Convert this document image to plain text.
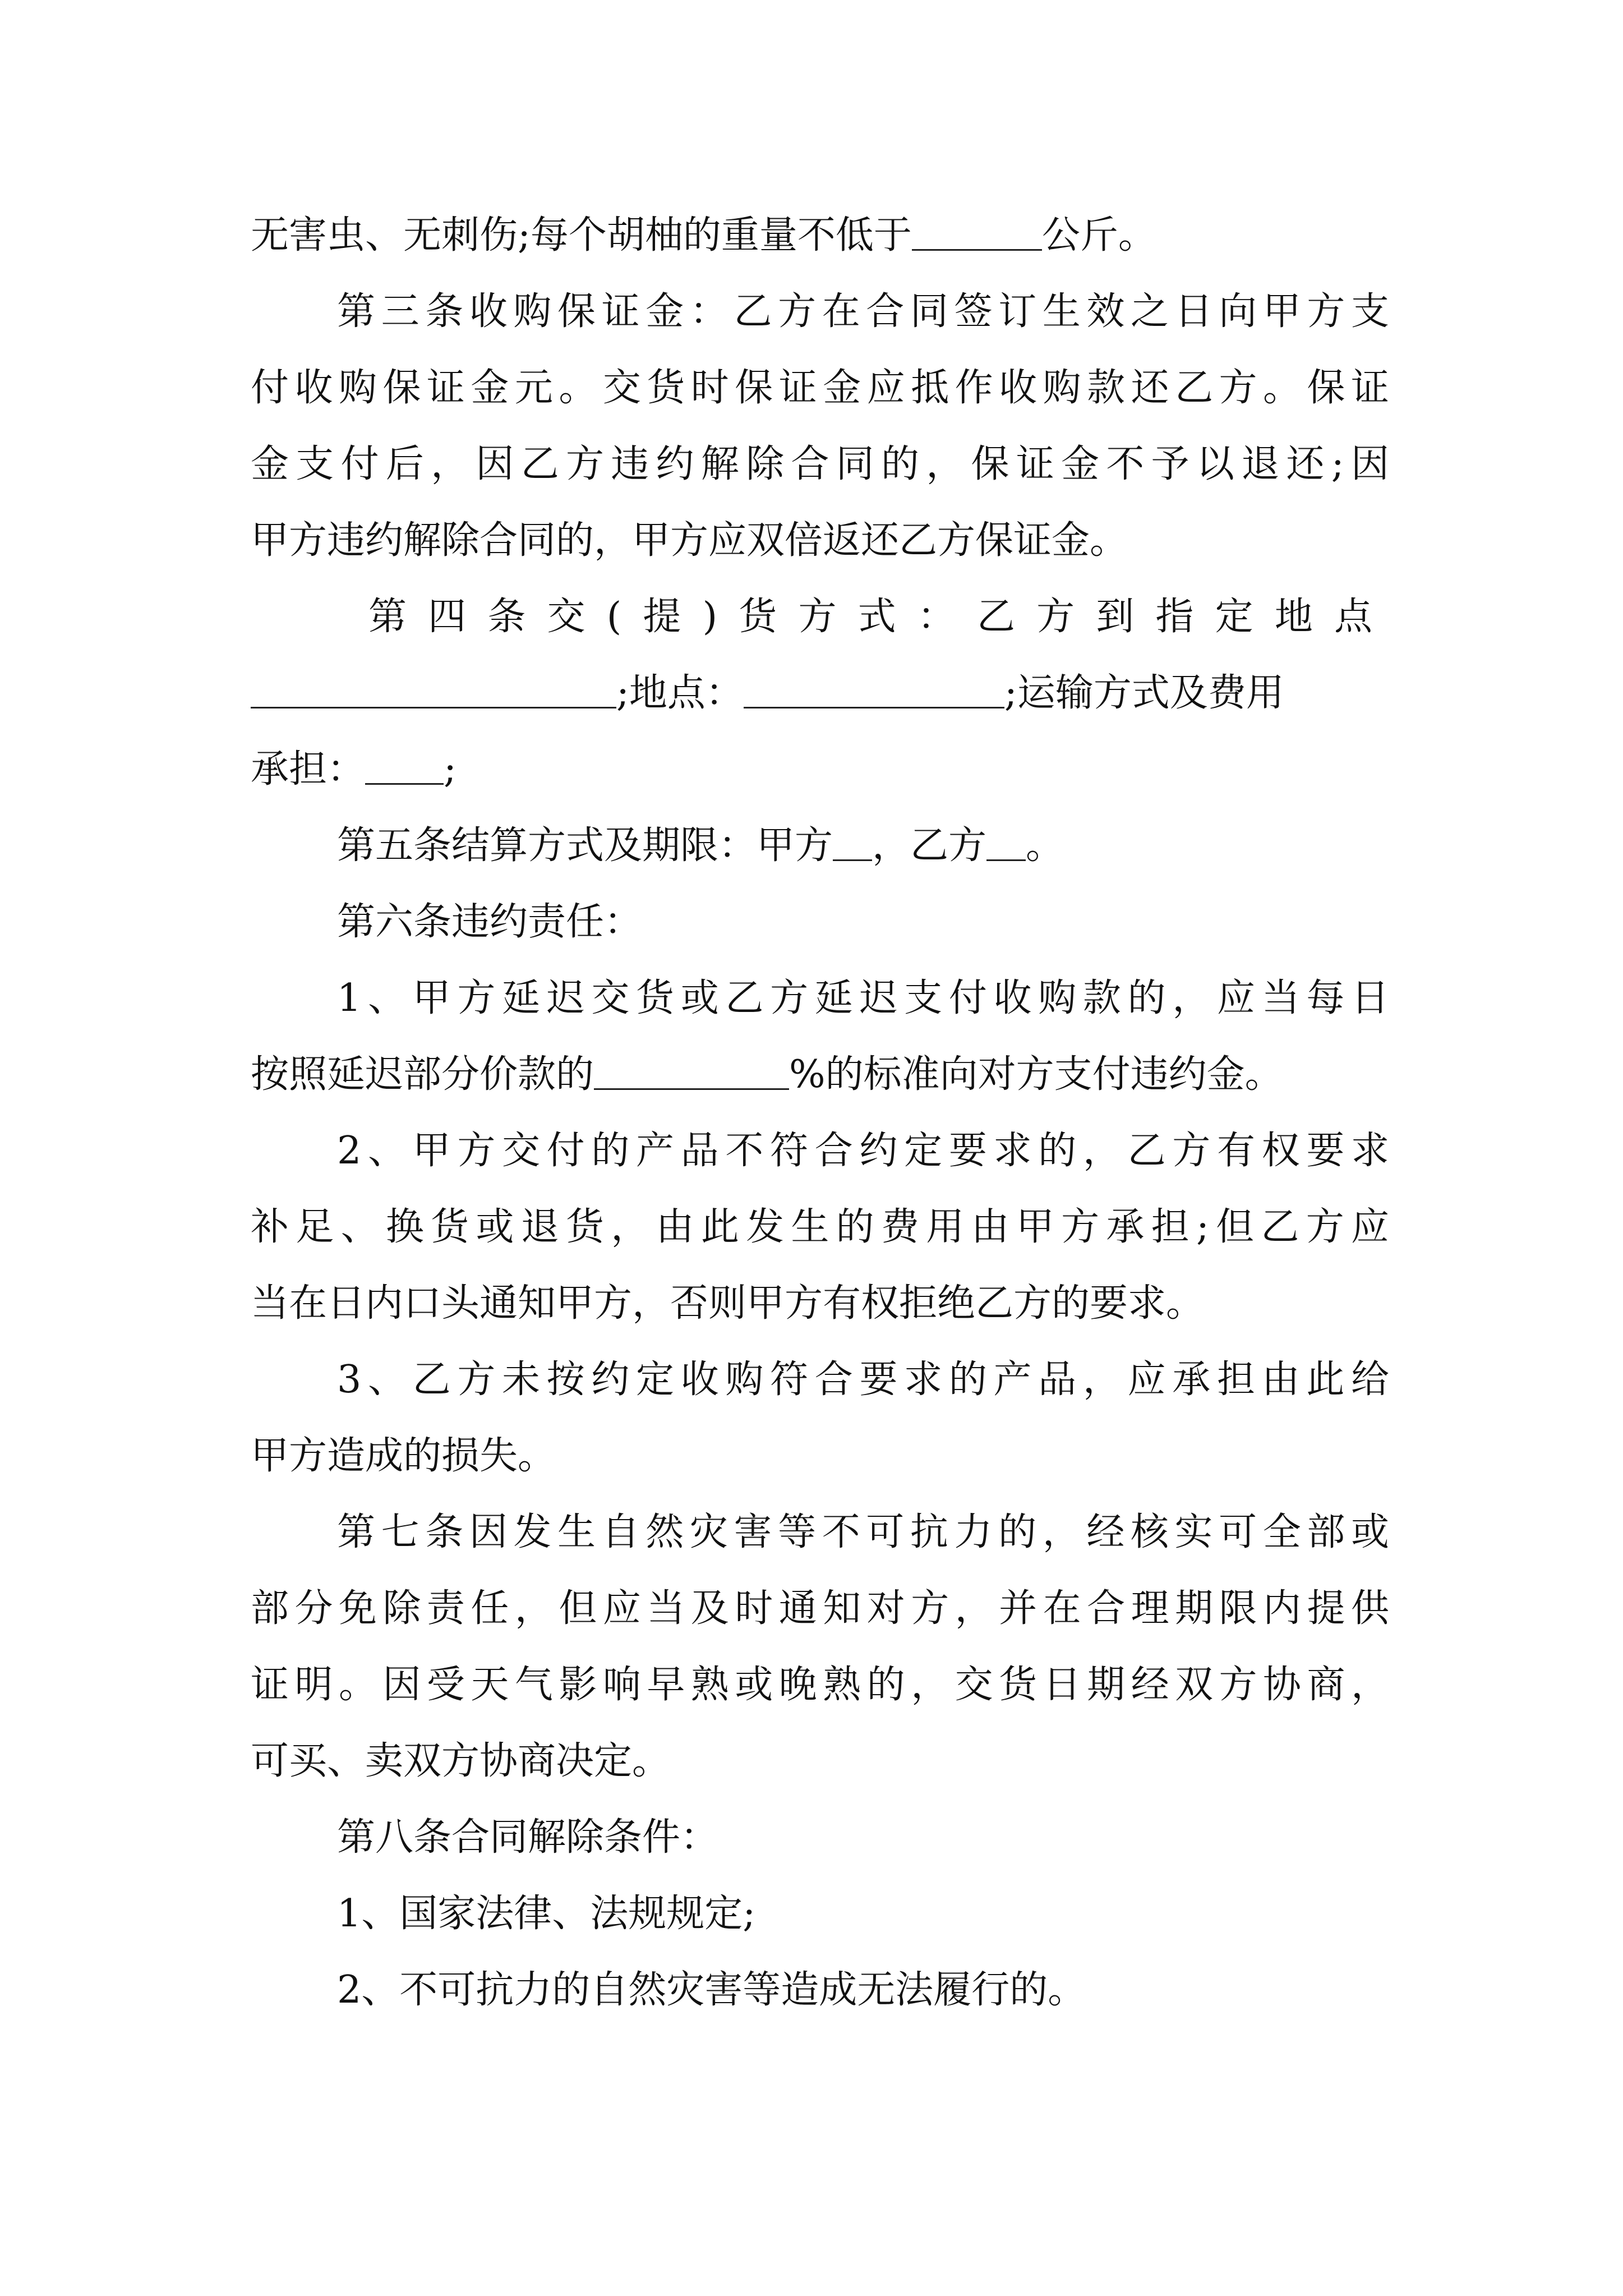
无害虫、无刺伤;每个胡柚的重量不低于	公斤。
第三条收购保证金：乙方在合同签订生效之日向甲方支
付收购保证金元。交货时保证金应抵作收购款还乙方。保证
金支付后，因乙方违约解除合同的，保证金不予以退还;因
甲方违约解除合同的，甲方应双倍返还乙方保证金。
第四条交(提)货方式：乙方到指定地点
;地点：	;运输方式及费用
承担： ;
第五条结算方式及期限：甲方 ，乙方 。
第六条违约责任：
1、甲方延迟交货或乙方延迟支付收购款的，应当每日
按照延迟部分价款的	%的标准向对方支付违约金。
2、甲方交付的产品不符合约定要求的，乙方有权要求
补足、换货或退货，由此发生的费用由甲方承担;但乙方应
当在日内口头通知甲方，否则甲方有权拒绝乙方的要求。
3、乙方未按约定收购符合要求的产品，应承担由此给
甲方造成的损失。
第七条因发生自然灾害等不可抗力的，经核实可全部或
部分免除责任，但应当及时通知对方，并在合理期限内提供
证明。因受天气影响早熟或晚熟的，交货日期经双方协商，
可买、卖双方协商决定。
第八条合同解除条件：
1、国家法律、法规规定;
2、不可抗力的自然灾害等造成无法履行的。
